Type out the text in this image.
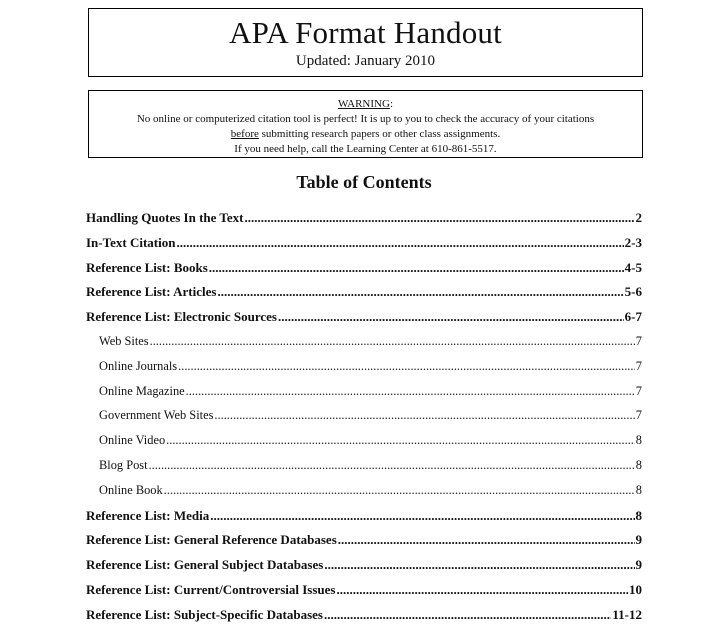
APA Format Handout
Updated: January 2010
WARNING:
No online or computerized citation tool is perfect! It is up to you to check the accuracy of your citations
before submitting research papers or other class assignments.
If you need help, call the Learning Center at 610-861-5517.
Table of Contents
Handling Quotes In the Text .....	2
In-Text Citation .....	2-3
Reference List: Books .....	4-5
Reference List: Articles .....	5-6
Reference List: Electronic Sources .....	6-7
Web Sites .....	7
Online Journals .....	7
Online Magazine .....	7
Government Web Sites .....	7
Online Video .....	8
Blog Post .....	8
Online Book .....	8
Reference List: Media .....	8
Reference List: General Reference Databases .....	9
Reference List: General Subject Databases .....	9
Reference List: Current/Controversial Issues .....	10
Reference List: Subject-Specific Databases .....	11-12
